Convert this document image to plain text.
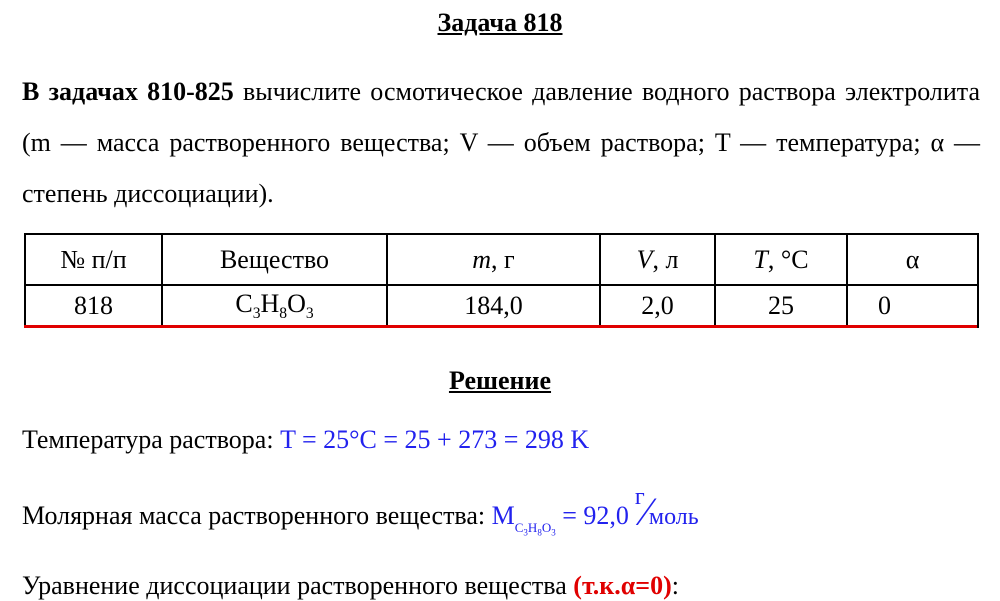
Задача 818

В задачах 810-825 вычислите осмотическое давление водного раствора электролита (m — масса растворенного вещества; V — объем раствора; T — температура; α — степень диссоциации).

№ п/п	Вещество	m, г	V, л	T, °C	α
818	$C_3H_8O_3$	184,0	2,0	25	0
Решение
Температура раствора: T = 25°C = 25 + 273 = 298 K
Молярная масса растворенного вещества: $M_{C_3H_8O_3} = 92,0$
г
⁄ моль
Уравнение диссоциации растворенного вещества (т.к.α=0):
